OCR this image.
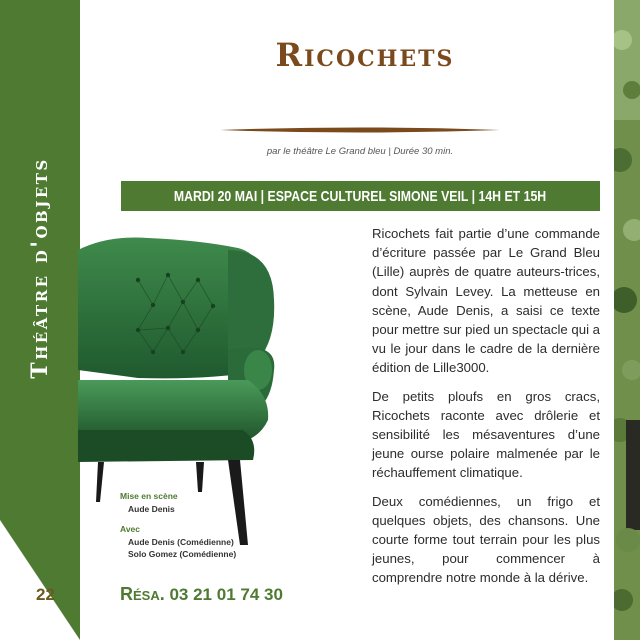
Théâtre d'objets
22
Ricochets
par le théâtre Le Grand bleu | Durée 30 min.
MARDI 20 MAI | ESPACE CULTUREL SIMONE VEIL | 14H ET 15H
Mise en scène
Aude Denis
Avec
Aude Denis (Comédienne)
Solo Gomez (Comédienne)
Résa. 03 21 01 74 30

Ricochets fait partie d’une commande d’écriture passée par Le Grand Bleu (Lille) auprès de quatre auteurs-trices, dont Sylvain Levey. La metteuse en scène, Aude Denis, a saisi ce texte pour mettre sur pied un spectacle qui a vu le jour dans le cadre de la dernière édition de Lille3000.

De petits ploufs en gros cracs, Ricochets raconte avec drôlerie et sensibilité les mésaventures d’une jeune ourse polaire malmenée par le réchauffement climatique.

Deux comédiennes, un frigo et quelques objets, des chansons. Une courte forme tout terrain pour les plus jeunes, pour commencer à comprendre notre monde à la dérive.
